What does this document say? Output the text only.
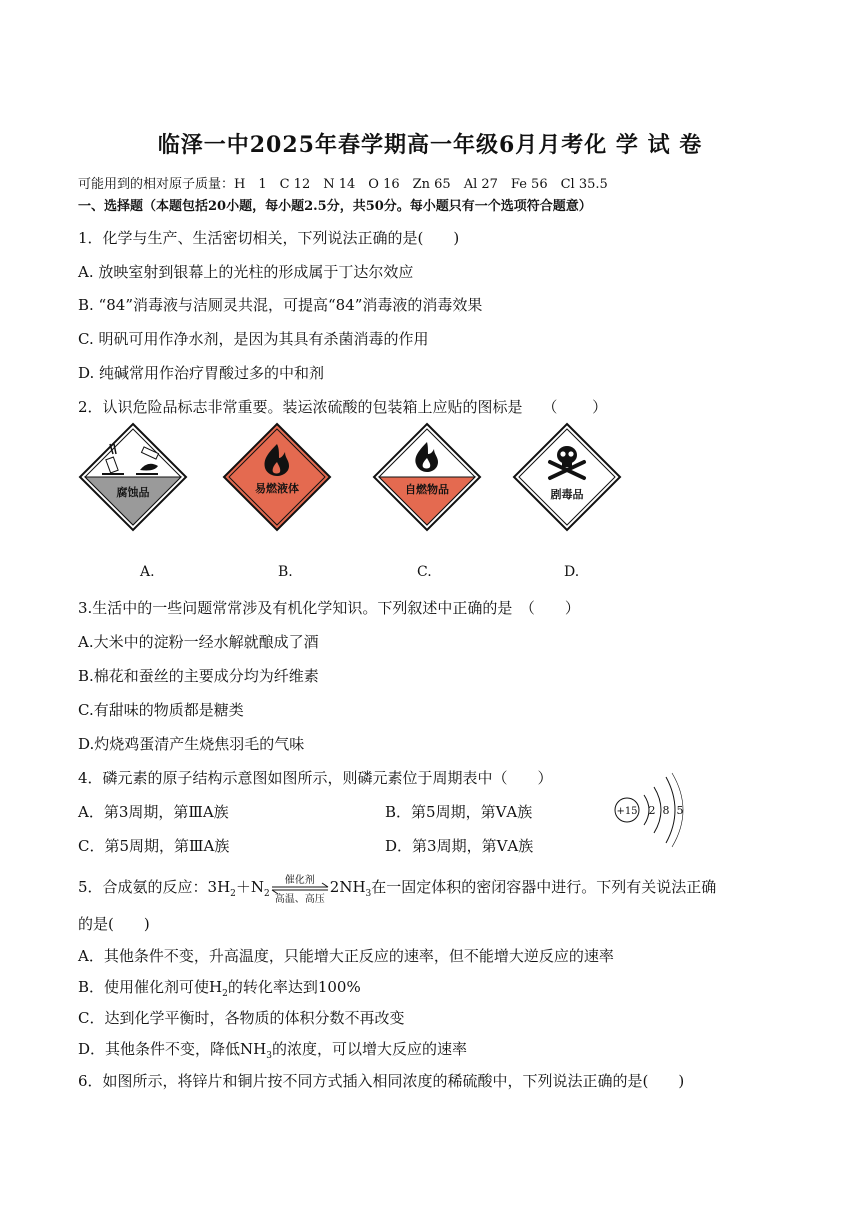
临泽一中2025年春学期高一年级6月月考化 学 试 卷

可能用到的相对原子质量：H　1　C 12　N 14　O 16　Zn 65　Al 27　Fe 56　Cl 35.5

一、选择题（本题包括20小题，每小题2.5分，共50分。每小题只有一个选项符合题意）

1．化学与生产、生活密切相关，下列说法正确的是(　　)

A. 放映室射到银幕上的光柱的形成属于丁达尔效应

B. “84”消毒液与洁厕灵共混，可提高“84”消毒液的消毒效果

C. 明矾可用作净水剂，是因为其具有杀菌消毒的作用

D. 纯碱常用作治疗胃酸过多的中和剂

2．认识危险品标志非常重要。装运浓硫酸的包装箱上应贴的图标是　 （　　 ）

腐蚀品	易燃液体	自燃物品	剧毒品
A.	B.	C.	D.

3.生活中的一些问题常常涉及有机化学知识。下列叙述中正确的是　（　　）

A.大米中的淀粉一经水解就酿成了酒

B.棉花和蚕丝的主要成分均为纤维素

C.有甜味的物质都是糖类

D.灼烧鸡蛋清产生烧焦羽毛的气味

4．磷元素的原子结构示意图如图所示，则磷元素位于周期表中（　　）

A．第3周期，第ⅢA族	B．第5周期，第ⅤA族

C．第5周期，第ⅢA族	D．第3周期，第ⅤA族

+15 2 8 5

5．合成氨的反应：$3H_2+N_2$
催化剂
高温、高压
$2NH_3$在一固定体积的密闭容器中进行。下列有关说法正确

的是(　　)

A．其他条件不变，升高温度，只能增大正反应的速率，但不能增大逆反应的速率

B．使用催化剂可使$H_2$的转化率达到100%

C．达到化学平衡时，各物质的体积分数不再改变

D．其他条件不变，降低$NH_3$的浓度，可以增大反应的速率

6．如图所示，将锌片和铜片按不同方式插入相同浓度的稀硫酸中，下列说法正确的是(　　)
